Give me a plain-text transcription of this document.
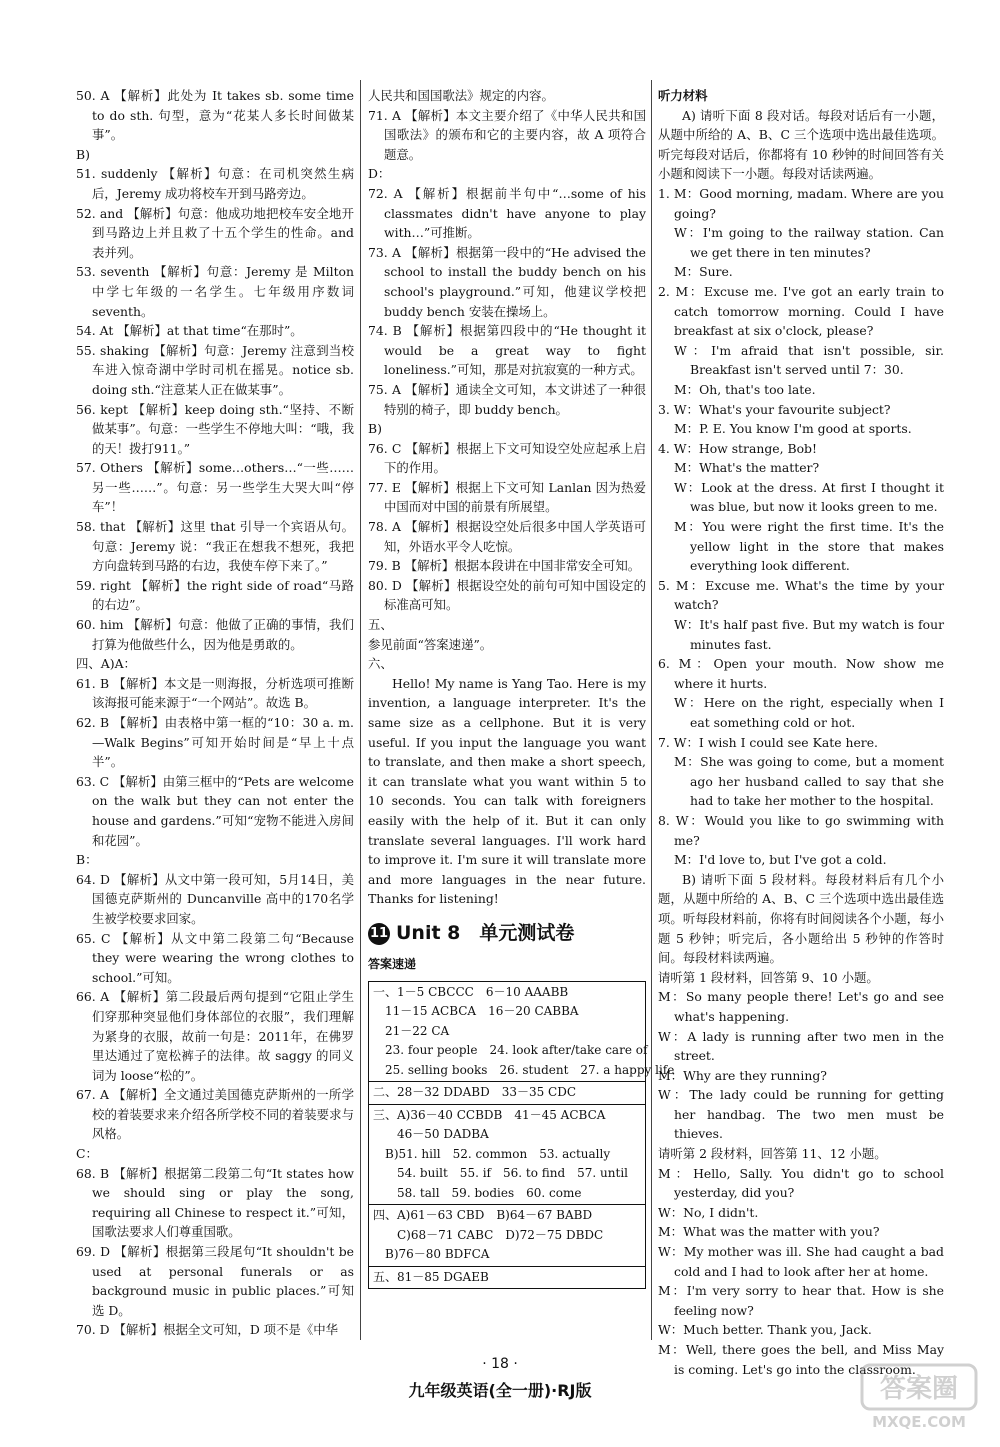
50. A 【解析】此处为 It takes sb. some time to do sth. 句型，意为“花某人多长时间做某事”。

B)

51. suddenly 【解析】句意：在司机突然生病后，Jeremy 成功将校车开到马路旁边。

52. and 【解析】句意：他成功地把校车安全地开到马路边上并且救了十五个学生的性命。and 表并列。

53. seventh 【解析】句意：Jeremy 是 Milton 中学七年级的一名学生。七年级用序数词 seventh。

54. At 【解析】at that time“在那时”。

55. shaking 【解析】句意：Jeremy 注意到当校车进入惊奇湖中学时司机在摇晃。notice sb. doing sth.“注意某人正在做某事”。

56. kept 【解析】keep doing sth.“坚持、不断做某事”。句意：一些学生不停地大叫：“哦，我的天！拨打911。”

57. Others 【解析】some…others…“一些……另一些……”。句意：另一些学生大哭大叫“停车”！

58. that 【解析】这里 that 引导一个宾语从句。句意：Jeremy 说：“我正在想我不想死，我把方向盘转到马路的右边，我使车停下来了。”

59. right 【解析】the right side of road“马路的右边”。

60. him 【解析】句意：他做了正确的事情，我们打算为他做些什么，因为他是勇敢的。

四、A)A：

61. B 【解析】本文是一则海报，分析选项可推断该海报可能来源于“一个网站”。故选 B。

62. B 【解析】由表格中第一框的“10：30 a. m. —Walk Begins”可知开始时间是“早上十点半”。

63. C 【解析】由第三框中的“Pets are welcome on the walk but they can not enter the house and gardens.”可知“宠物不能进入房间和花园”。

B：

64. D 【解析】从文中第一段可知，5月14日，美国德克萨斯州的 Duncanville 高中的170名学生被学校要求回家。

65. C 【解析】从文中第二段第二句“Because they were wearing the wrong clothes to school.”可知。

66. A 【解析】第二段最后两句提到“它阻止学生们穿那种突显他们身体部位的衣服”，我们理解为紧身的衣服，故前一句是：2011年，在佛罗里达通过了宽松裤子的法律。故 saggy 的同义词为 loose“松的”。

67. A 【解析】全文通过美国德克萨斯州的一所学校的着装要求来介绍各所学校不同的着装要求与风格。

C：

68. B 【解析】根据第二段第二句“It states how we should sing or play the song, requiring all Chinese to respect it.”可知，国歌法要求人们尊重国歌。

69. D 【解析】根据第三段尾句“It shouldn't be used at personal funerals or as background music in public places.”可知选 D。

70. D 【解析】根据全文可知，D 项不是《中华

人民共和国国歌法》规定的内容。

71. A 【解析】本文主要介绍了《中华人民共和国国歌法》的颁布和它的主要内容，故 A 项符合题意。

D：

72. A 【解析】根据前半句中“…some of his classmates didn't have anyone to play with…”可推断。

73. A 【解析】根据第一段中的“He advised the school to install the buddy bench on his school's playground.”可知，他建议学校把 buddy bench 安装在操场上。

74. B 【解析】根据第四段中的“He thought it would be a great way to fight loneliness.”可知，那是对抗寂寞的一种方式。

75. A 【解析】通读全文可知，本文讲述了一种很特别的椅子，即 buddy bench。

B)

76. C 【解析】根据上下文可知设空处应起承上启下的作用。

77. E 【解析】根据上下文可知 Lanlan 因为热爱中国而对中国的前景有所展望。

78. A 【解析】根据设空处后很多中国人学英语可知，外语水平令人吃惊。

79. B 【解析】根据本段讲在中国非常安全可知。

80. D 【解析】根据设空处的前句可知中国设定的标准高可知。

五、

参见前面“答案速递”。

六、

Hello! My name is Yang Tao. Here is my invention, a language interpreter. It's the same size as a cellphone. But it is very useful. If you input the language you want to translate, and then make a short speech, it can translate what you want within 5 to 10 seconds. You can talk with foreigners easily with the help of it. But it can only translate several languages. I'll work hard to improve it. I'm sure it will translate more and more languages in the near future. Thanks for listening!

11 Unit 8　单元测试卷
答案速递
一、1－5 CBCCC　6－10 AAABB
　11－15 ACBCA　16－20 CABBA
　21－22 CA
　23. four people　24. look after/take care of
　25. selling books　26. student　27. a happy life
二、28－32 DDABD　33－35 CDC
三、A)36－40 CCBDB　41－45 ACBCA
　　46－50 DADBA
　B)51. hill　52. common　53. actually
　　54. built　55. if　56. to find　57. until
　　58. tall　59. bodies　60. come
四、A)61－63 CBD　B)64－67 BABD
　　C)68－71 CABC　D)72－75 DBDC
　B)76－80 BDFCA
五、81－85 DGAEB

听力材料

A) 请听下面 8 段对话。每段对话后有一小题，从题中所给的 A、B、C 三个选项中选出最佳选项。听完每段对话后，你都将有 10 秒钟的时间回答有关小题和阅读下一小题。每段对话读两遍。

1. M：Good morning, madam. Where are you going?

W：I'm going to the railway station. Can we get there in ten minutes?

M：Sure.

2. M：Excuse me. I've got an early train to catch tomorrow morning. Could I have breakfast at six o'clock, please?

W：I'm afraid that isn't possible, sir. Breakfast isn't served until 7：30.

M：Oh, that's too late.

3. W：What's your favourite subject?

M：P. E. You know I'm good at sports.

4. W：How strange, Bob!

M：What's the matter?

W：Look at the dress. At first I thought it was blue, but now it looks green to me.

M：You were right the first time. It's the yellow light in the store that makes everything look different.

5. M：Excuse me. What's the time by your watch?

W：It's half past five. But my watch is four minutes fast.

6. M：Open your mouth. Now show me where it hurts.

W：Here on the right, especially when I eat something cold or hot.

7. W：I wish I could see Kate here.

M：She was going to come, but a moment ago her husband called to say that she had to take her mother to the hospital.

8. W：Would you like to go swimming with me?

M：I'd love to, but I've got a cold.

B) 请听下面 5 段材料。每段材料后有几个小题，从题中所给的 A、B、C 三个选项中选出最佳选项。听每段材料前，你将有时间阅读各个小题，每小题 5 秒钟；听完后，各小题给出 5 秒钟的作答时间。每段材料读两遍。

请听第 1 段材料，回答第 9、10 小题。

M：So many people there! Let's go and see what's happening.

W：A lady is running after two men in the street.

M：Why are they running?

W：The lady could be running for getting her handbag. The two men must be thieves.

请听第 2 段材料，回答第 11、12 小题。

M：Hello, Sally. You didn't go to school yesterday, did you?

W：No, I didn't.

M：What was the matter with you?

W：My mother was ill. She had caught a bad cold and I had to look after her at home.

M：I'm very sorry to hear that. How is she feeling now?

W：Much better. Thank you, Jack.

M：Well, there goes the bell, and Miss May is coming. Let's go into the classroom.

· 18 ·
九年级英语(全一册)·RJ版	答案圈
MXQE.COM
